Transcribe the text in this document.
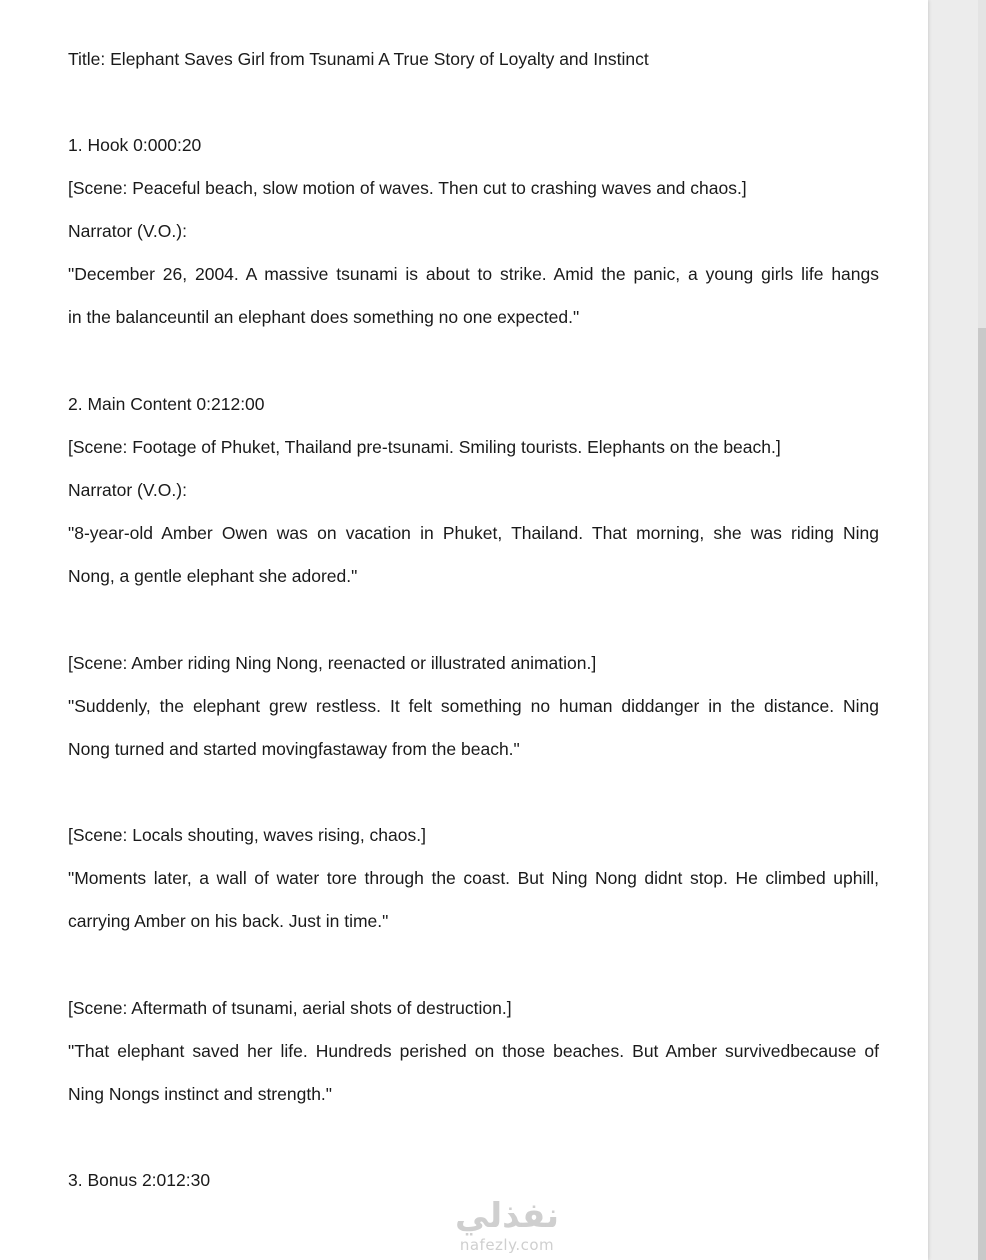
Title: Elephant Saves Girl from Tsunami A True Story of Loyalty and Instinct

1. Hook 0:000:20

[Scene: Peaceful beach, slow motion of waves. Then cut to crashing waves and chaos.]

Narrator (V.O.):

"December 26, 2004. A massive tsunami is about to strike. Amid the panic, a young girls life hangs

in the balanceuntil an elephant does something no one expected."

2. Main Content 0:212:00

[Scene: Footage of Phuket, Thailand pre-tsunami. Smiling tourists. Elephants on the beach.]

Narrator (V.O.):

"8-year-old Amber Owen was on vacation in Phuket, Thailand. That morning, she was riding Ning

Nong, a gentle elephant she adored."

[Scene: Amber riding Ning Nong, reenacted or illustrated animation.]

"Suddenly, the elephant grew restless. It felt something no human diddanger in the distance. Ning

Nong turned and started movingfastaway from the beach."

[Scene: Locals shouting, waves rising, chaos.]

"Moments later, a wall of water tore through the coast. But Ning Nong didnt stop. He climbed uphill,

carrying Amber on his back. Just in time."

[Scene: Aftermath of tsunami, aerial shots of destruction.]

"That elephant saved her life. Hundreds perished on those beaches. But Amber survivedbecause of

Ning Nongs instinct and strength."

3. Bonus 2:012:30

نفذلي
nafezly.com
